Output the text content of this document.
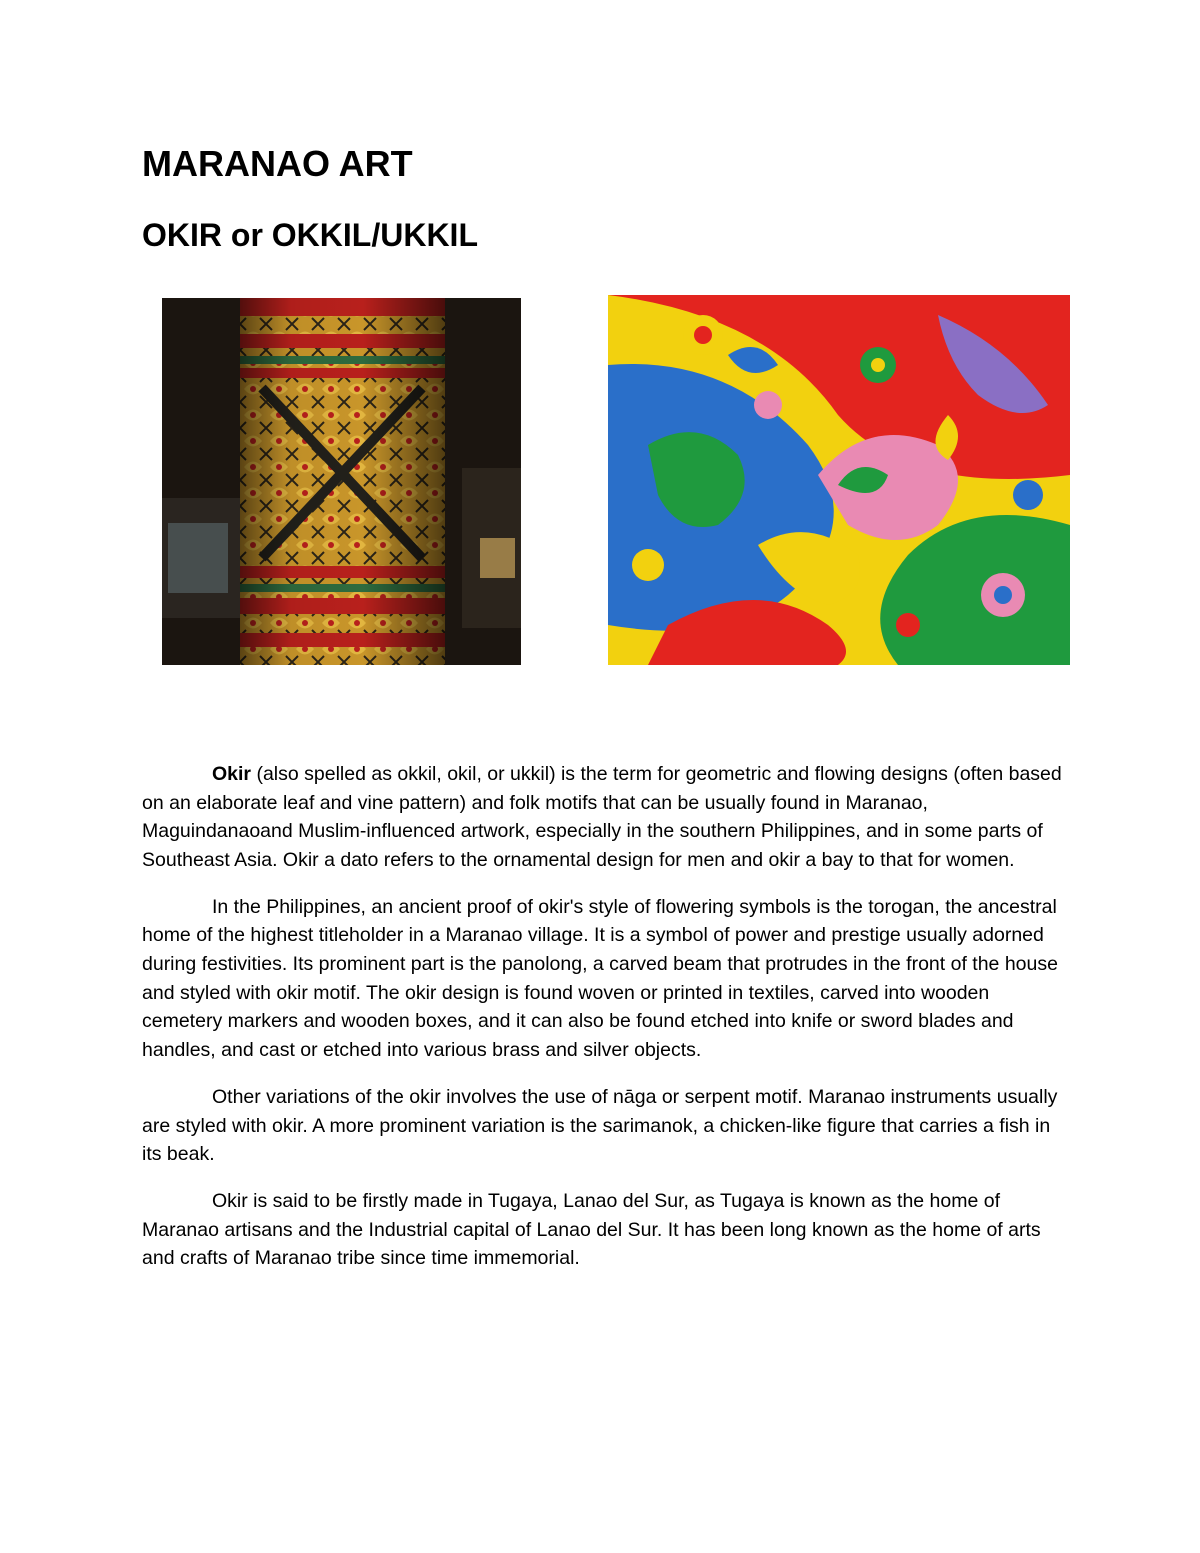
MARANAO ART
OKIR or OKKIL/UKKIL

Okir (also spelled as okkil, okil, or ukkil) is the term for geometric and flowing designs (often based on an elaborate leaf and vine pattern) and folk motifs that can be usually found in Maranao, Maguindanaoand Muslim-influenced artwork, especially in the southern Philippines, and in some parts of Southeast Asia. Okir a dato refers to the ornamental design for men and okir a bay to that for women.

In the Philippines, an ancient proof of okir's style of flowering symbols is the torogan, the ancestral home of the highest titleholder in a Maranao village. It is a symbol of power and prestige usually adorned during festivities. Its prominent part is the panolong, a carved beam that protrudes in the front of the house and styled with okir motif. The okir design is found woven or printed in textiles, carved into wooden cemetery markers and wooden boxes, and it can also be found etched into knife or sword blades and handles, and cast or etched into various brass and silver objects.

Other variations of the okir involves the use of nāga or serpent motif. Maranao instruments usually are styled with okir. A more prominent variation is the sarimanok, a chicken-like figure that carries a fish in its beak.

Okir is said to be firstly made in Tugaya, Lanao del Sur, as Tugaya is known as the home of Maranao artisans and the Industrial capital of Lanao del Sur. It has been long known as the home of arts and crafts of Maranao tribe since time immemorial.
